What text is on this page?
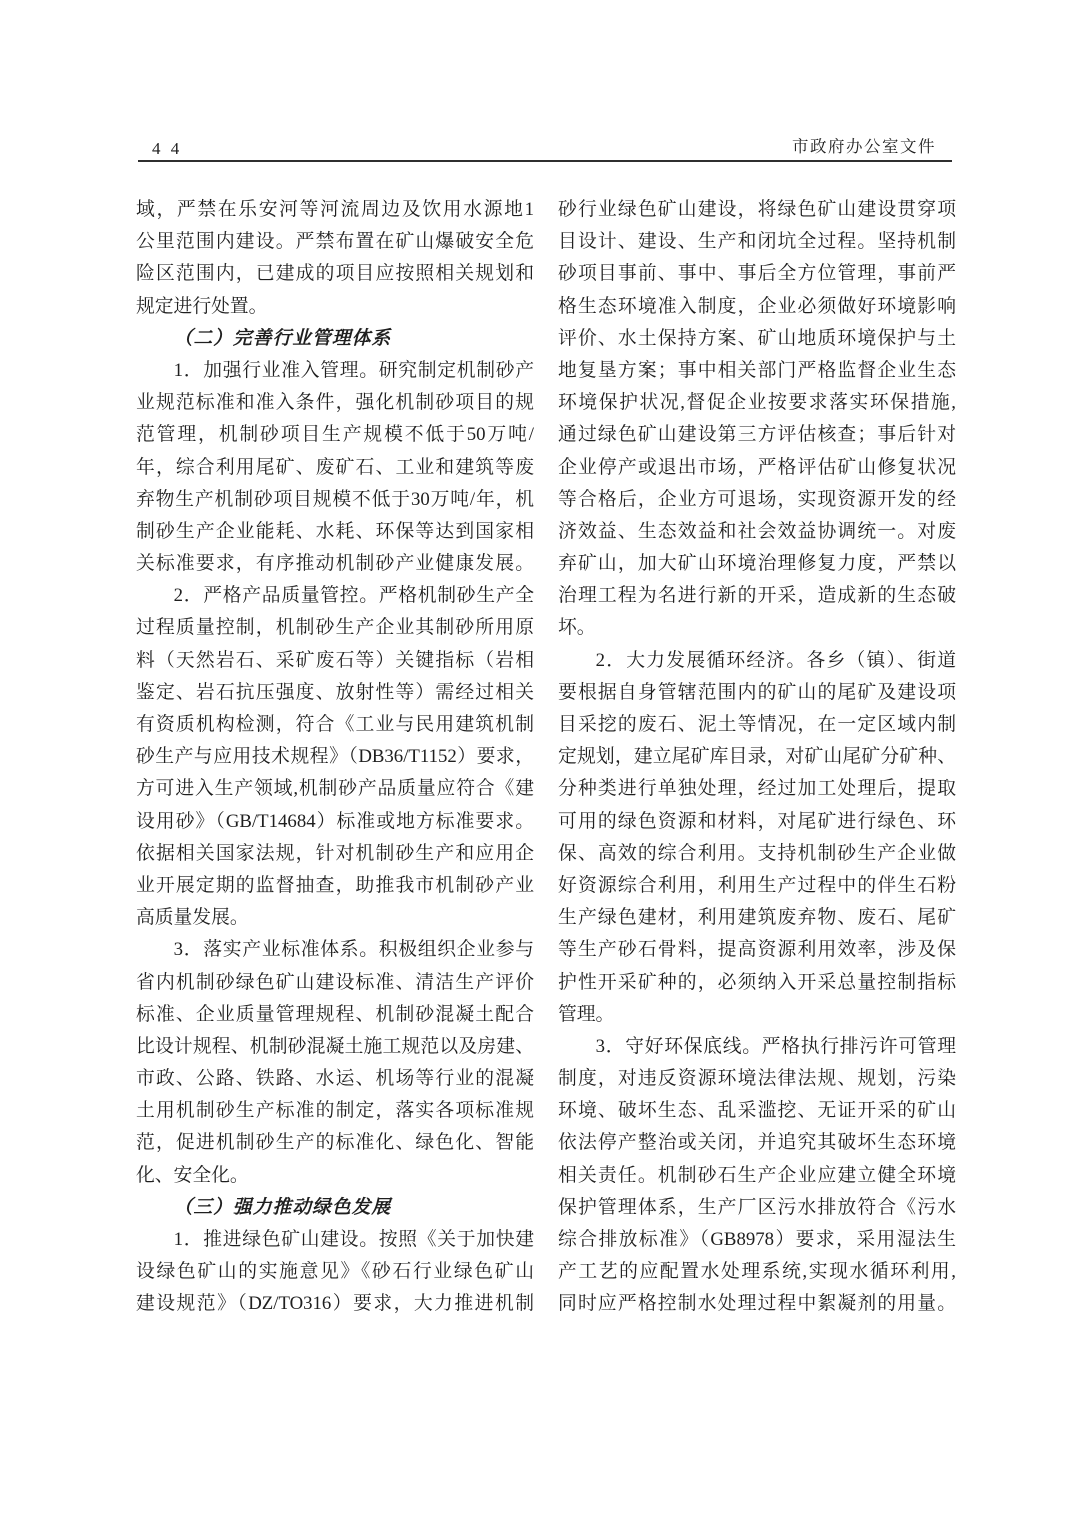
4 4	市政府办公室文件
域，严禁在乐安河等河流周边及饮用水源地1
公里范围内建设。严禁布置在矿山爆破安全危
险区范围内，已建成的项目应按照相关规划和
规定进行处置。
（二）完善行业管理体系
1．加强行业准入管理。研究制定机制砂产
业规范标准和准入条件，强化机制砂项目的规
范管理，机制砂项目生产规模不低于50万吨/
年，综合利用尾矿、废矿石、工业和建筑等废
弃物生产机制砂项目规模不低于30万吨/年，机
制砂生产企业能耗、水耗、环保等达到国家相
关标准要求，有序推动机制砂产业健康发展。
2．严格产品质量管控。严格机制砂生产全
过程质量控制，机制砂生产企业其制砂所用原
料（天然岩石、采矿废石等）关键指标（岩相
鉴定、岩石抗压强度、放射性等）需经过相关
有资质机构检测，符合《工业与民用建筑机制
砂生产与应用技术规程》（DB36/T1152）要求，
方可进入生产领域,机制砂产品质量应符合《建
设用砂》（GB/T14684）标准或地方标准要求。
依据相关国家法规，针对机制砂生产和应用企
业开展定期的监督抽查，助推我市机制砂产业
高质量发展。
3．落实产业标准体系。积极组织企业参与
省内机制砂绿色矿山建设标准、清洁生产评价
标准、企业质量管理规程、机制砂混凝土配合
比设计规程、机制砂混凝土施工规范以及房建、
市政、公路、铁路、水运、机场等行业的混凝
土用机制砂生产标准的制定，落实各项标准规
范，促进机制砂生产的标准化、绿色化、智能
化、安全化。
（三）强力推动绿色发展
1．推进绿色矿山建设。按照《关于加快建
设绿色矿山的实施意见》《砂石行业绿色矿山
建设规范》（DZ/TO316）要求，大力推进机制
砂行业绿色矿山建设，将绿色矿山建设贯穿项
目设计、建设、生产和闭坑全过程。坚持机制
砂项目事前、事中、事后全方位管理，事前严
格生态环境准入制度，企业必须做好环境影响
评价、水土保持方案、矿山地质环境保护与土
地复垦方案；事中相关部门严格监督企业生态
环境保护状况,督促企业按要求落实环保措施,
通过绿色矿山建设第三方评估核查；事后针对
企业停产或退出市场，严格评估矿山修复状况
等合格后，企业方可退场，实现资源开发的经
济效益、生态效益和社会效益协调统一。对废
弃矿山，加大矿山环境治理修复力度，严禁以
治理工程为名进行新的开采，造成新的生态破
坏。
2．大力发展循环经济。各乡（镇）、街道
要根据自身管辖范围内的矿山的尾矿及建设项
目采挖的废石、泥土等情况，在一定区域内制
定规划，建立尾矿库目录，对矿山尾矿分矿种、
分种类进行单独处理，经过加工处理后，提取
可用的绿色资源和材料，对尾矿进行绿色、环
保、高效的综合利用。支持机制砂生产企业做
好资源综合利用，利用生产过程中的伴生石粉
生产绿色建材，利用建筑废弃物、废石、尾矿
等生产砂石骨料，提高资源利用效率，涉及保
护性开采矿种的，必须纳入开采总量控制指标
管理。
3．守好环保底线。严格执行排污许可管理
制度，对违反资源环境法律法规、规划，污染
环境、破坏生态、乱采滥挖、无证开采的矿山
依法停产整治或关闭，并追究其破坏生态环境
相关责任。机制砂石生产企业应建立健全环境
保护管理体系，生产厂区污水排放符合《污水
综合排放标准》（GB8978）要求，采用湿法生
产工艺的应配置水处理系统,实现水循环利用,
同时应严格控制水处理过程中絮凝剂的用量。
